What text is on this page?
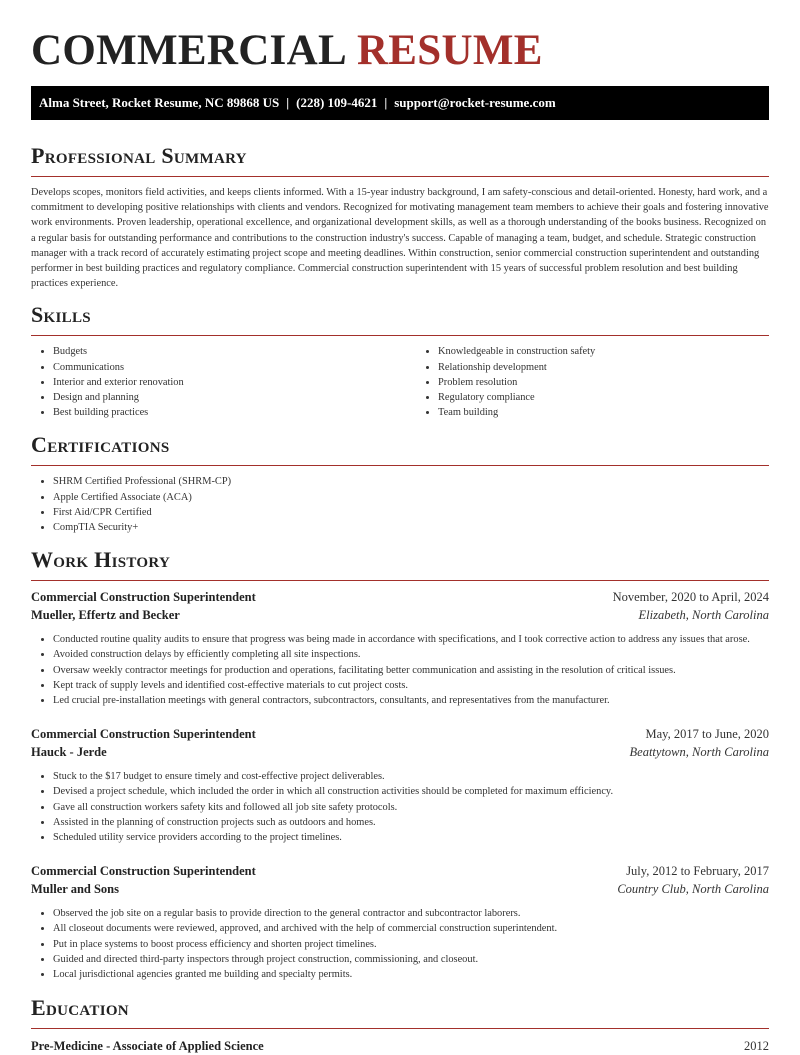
COMMERCIAL RESUME
Alma Street, Rocket Resume, NC 89868 US | (228) 109-4621 | support@rocket-resume.com
Professional Summary

Develops scopes, monitors field activities, and keeps clients informed. With a 15-year industry background, I am safety-conscious and detail-oriented. Honesty, hard work, and a commitment to developing positive relationships with clients and vendors. Recognized for motivating management team members to achieve their goals and fostering innovative work environments. Proven leadership, operational excellence, and organizational development skills, as well as a thorough understanding of the books business. Recognized on a regular basis for outstanding performance and contributions to the construction industry's success. Capable of managing a team, budget, and schedule. Strategic construction manager with a track record of accurately estimating project scope and meeting deadlines. Within construction, senior commercial construction superintendent and outstanding performer in best building practices and regulatory compliance. Commercial construction superintendent with 15 years of successful problem resolution and best building practices experience.

Skills
• Budgets
• Communications
• Interior and exterior renovation
• Design and planning
• Best building practices
• Knowledgeable in construction safety
• Relationship development
• Problem resolution
• Regulatory compliance
• Team building
Certifications
• SHRM Certified Professional (SHRM-CP)
• Apple Certified Associate (ACA)
• First Aid/CPR Certified
• CompTIA Security+
Work History
Commercial Construction Superintendent	November, 2020 to April, 2024
Mueller, Effertz and Becker	Elizabeth, North Carolina
• Conducted routine quality audits to ensure that progress was being made in accordance with specifications, and I took corrective action to address any issues that arose.
• Avoided construction delays by efficiently completing all site inspections.
• Oversaw weekly contractor meetings for production and operations, facilitating better communication and assisting in the resolution of critical issues.
• Kept track of supply levels and identified cost-effective materials to cut project costs.
• Led crucial pre-installation meetings with general contractors, subcontractors, consultants, and representatives from the manufacturer.
Commercial Construction Superintendent	May, 2017 to June, 2020
Hauck - Jerde	Beattytown, North Carolina
• Stuck to the $17 budget to ensure timely and cost-effective project deliverables.
• Devised a project schedule, which included the order in which all construction activities should be completed for maximum efficiency.
• Gave all construction workers safety kits and followed all job site safety protocols.
• Assisted in the planning of construction projects such as outdoors and homes.
• Scheduled utility service providers according to the project timelines.
Commercial Construction Superintendent	July, 2012 to February, 2017
Muller and Sons	Country Club, North Carolina
• Observed the job site on a regular basis to provide direction to the general contractor and subcontractor laborers.
• All closeout documents were reviewed, approved, and archived with the help of commercial construction superintendent.
• Put in place systems to boost process efficiency and shorten project timelines.
• Guided and directed third-party inspectors through project construction, commissioning, and closeout.
• Local jurisdictional agencies granted me building and specialty permits.
Education
Pre-Medicine - Associate of Applied Science	2012
